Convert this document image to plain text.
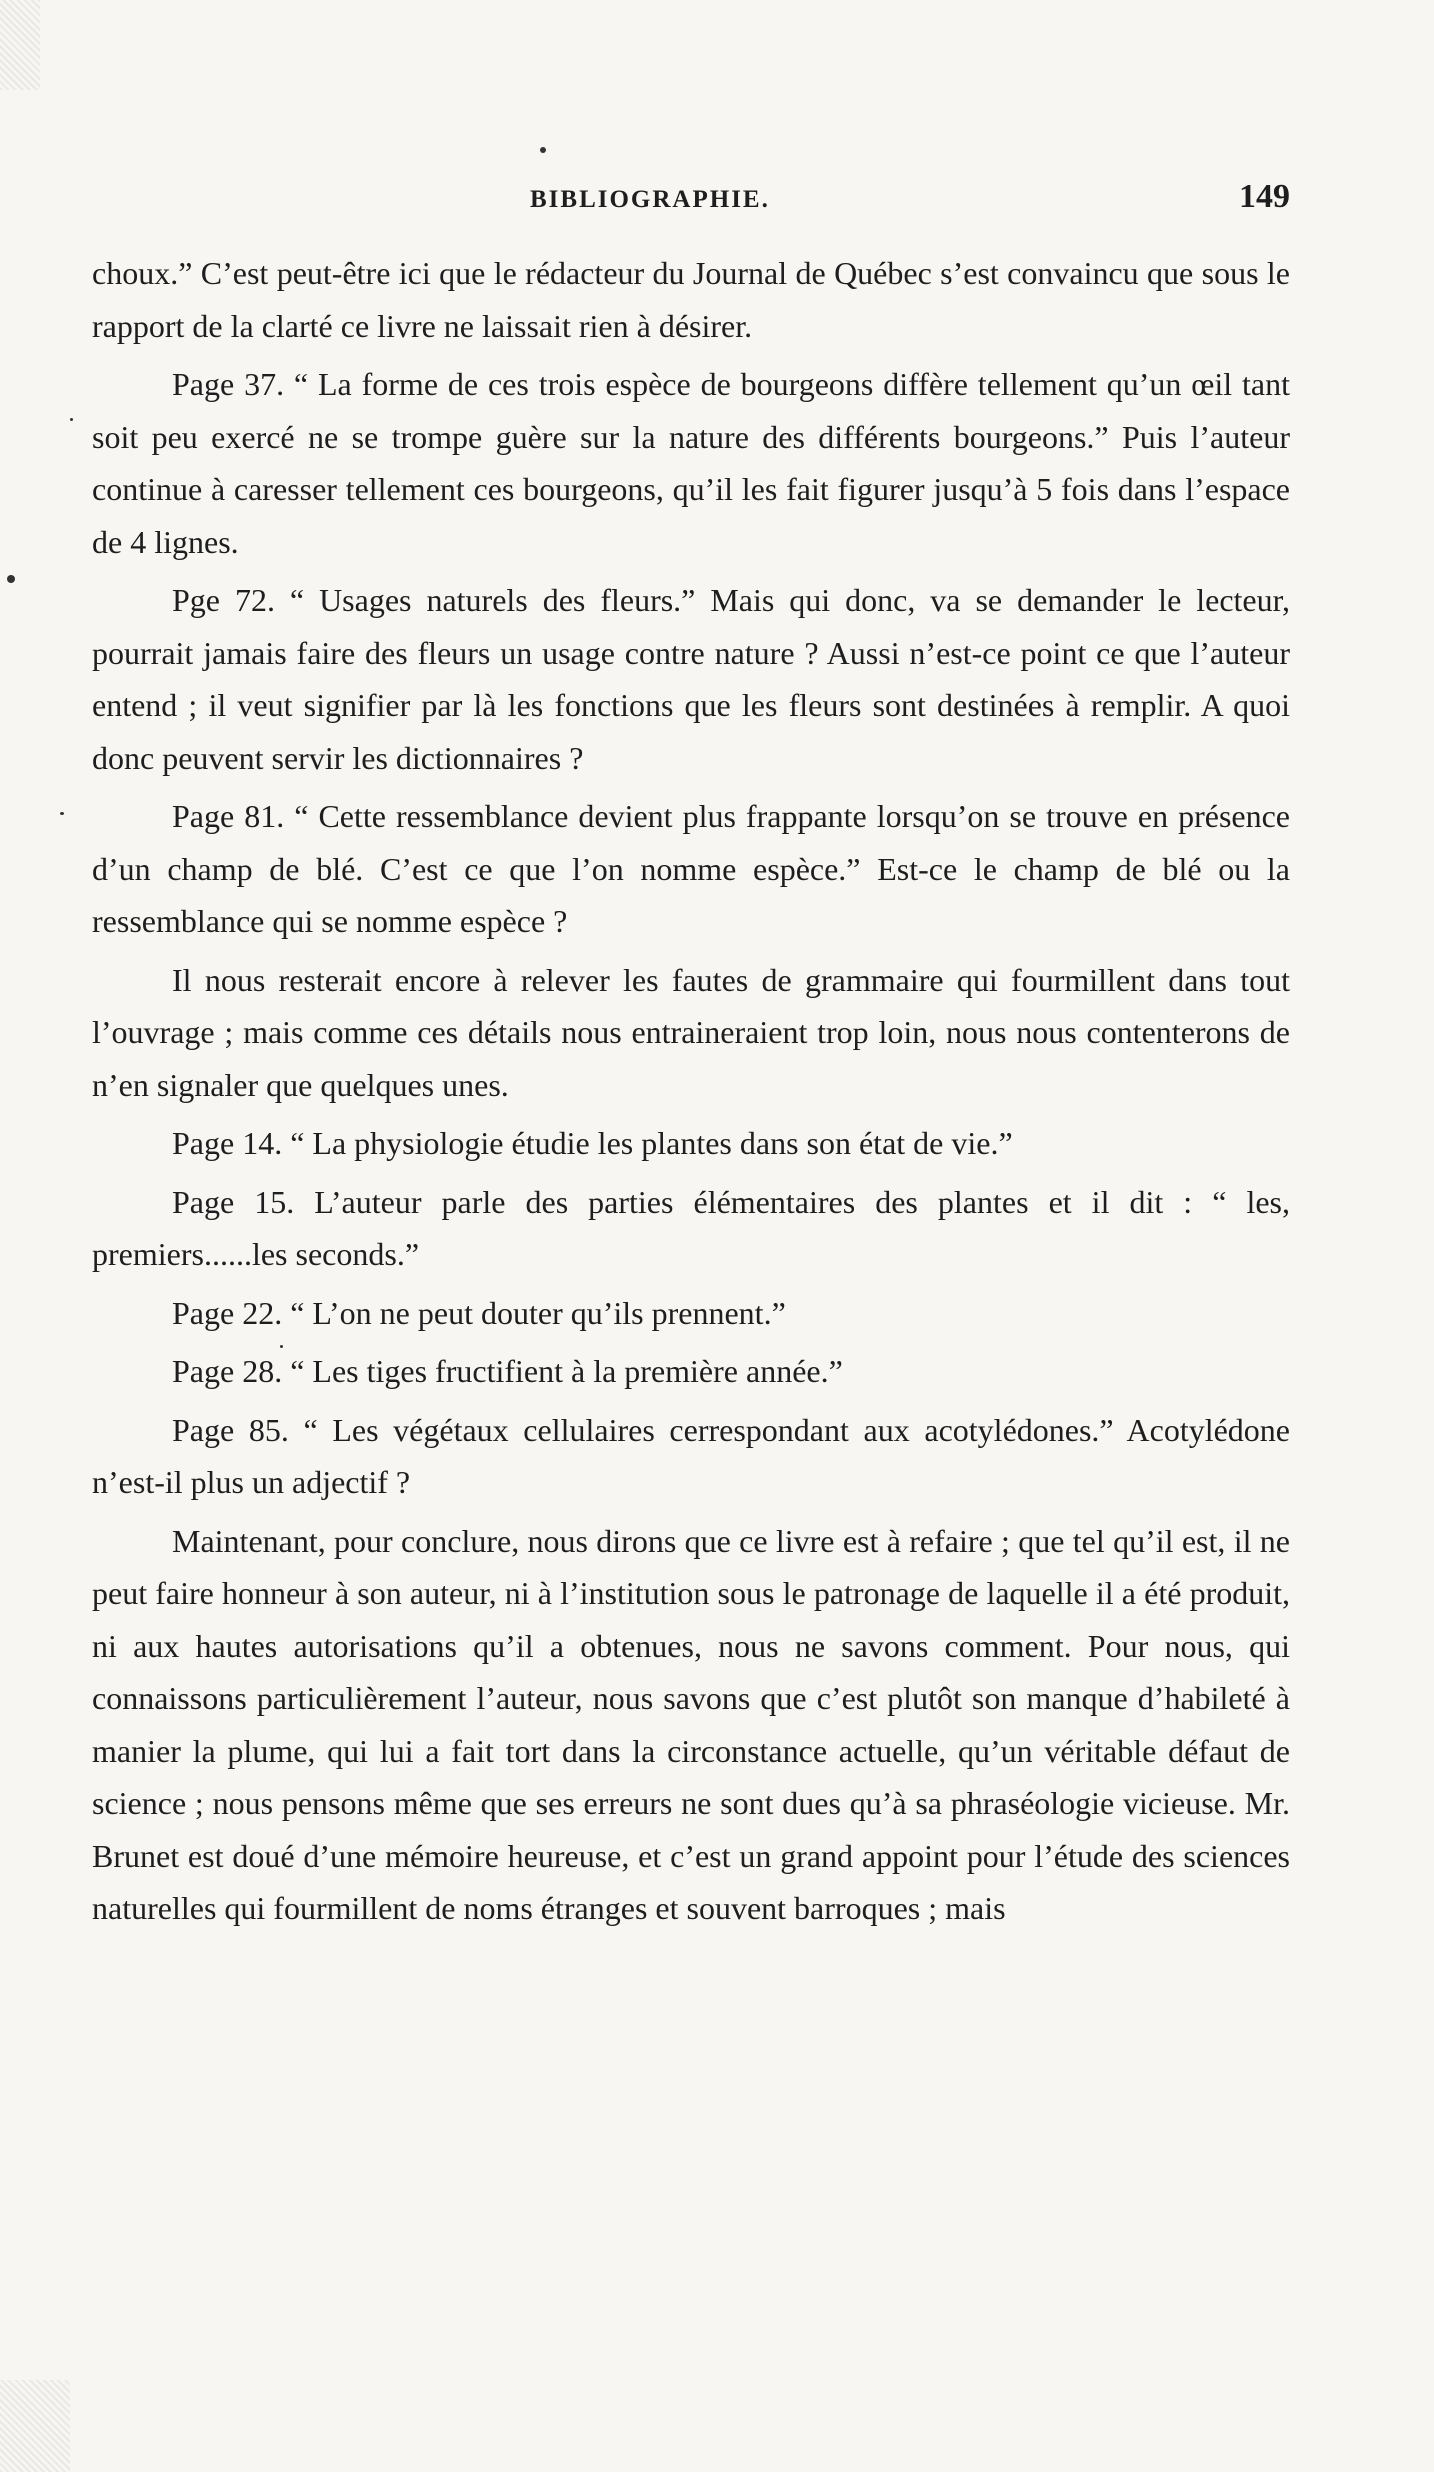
BIBLIOGRAPHIE.	149

choux.” C’est peut-être ici que le rédacteur du Journal de Québec s’est convaincu que sous le rapport de la clarté ce livre ne laissait rien à désirer.

Page 37. “ La forme de ces trois espèce de bourgeons diffère tellement qu’un œil tant soit peu exercé ne se trompe guère sur la nature des différents bourgeons.” Puis l’auteur continue à caresser tellement ces bourgeons, qu’il les fait figurer jusqu’à 5 fois dans l’espace de 4 lignes.

Pge 72. “ Usages naturels des fleurs.” Mais qui donc, va se demander le lecteur, pourrait jamais faire des fleurs un usage contre nature ? Aussi n’est-ce point ce que l’auteur entend ; il veut signifier par là les fonctions que les fleurs sont destinées à remplir. A quoi donc peuvent servir les dictionnaires ?

Page 81. “ Cette ressemblance devient plus frappante lorsqu’on se trouve en présence d’un champ de blé. C’est ce que l’on nomme espèce.” Est-ce le champ de blé ou la ressemblance qui se nomme espèce ?

Il nous resterait encore à relever les fautes de grammaire qui fourmillent dans tout l’ouvrage ; mais comme ces détails nous entraineraient trop loin, nous nous contenterons de n’en signaler que quelques unes.

Page 14. “ La physiologie étudie les plantes dans son état de vie.”

Page 15. L’auteur parle des parties élémentaires des plantes et il dit : “ les, premiers......les seconds.”

Page 22. “ L’on ne peut douter qu’ils prennent.”

Page 28. “ Les tiges fructifient à la première année.”

Page 85. “ Les végétaux cellulaires cerrespondant aux acotylédones.” Acotylédone n’est-il plus un adjectif ?

Maintenant, pour conclure, nous dirons que ce livre est à refaire ; que tel qu’il est, il ne peut faire honneur à son auteur, ni à l’institution sous le patronage de laquelle il a été produit, ni aux hautes autorisations qu’il a obtenues, nous ne savons comment. Pour nous, qui connaissons particulièrement l’auteur, nous savons que c’est plutôt son manque d’habileté à manier la plume, qui lui a fait tort dans la circonstance actuelle, qu’un véritable défaut de science ; nous pensons même que ses erreurs ne sont dues qu’à sa phraséologie vicieuse. Mr. Brunet est doué d’une mémoire heureuse, et c’est un grand appoint pour l’étude des sciences naturelles qui fourmillent de noms étranges et souvent barroques ; mais
